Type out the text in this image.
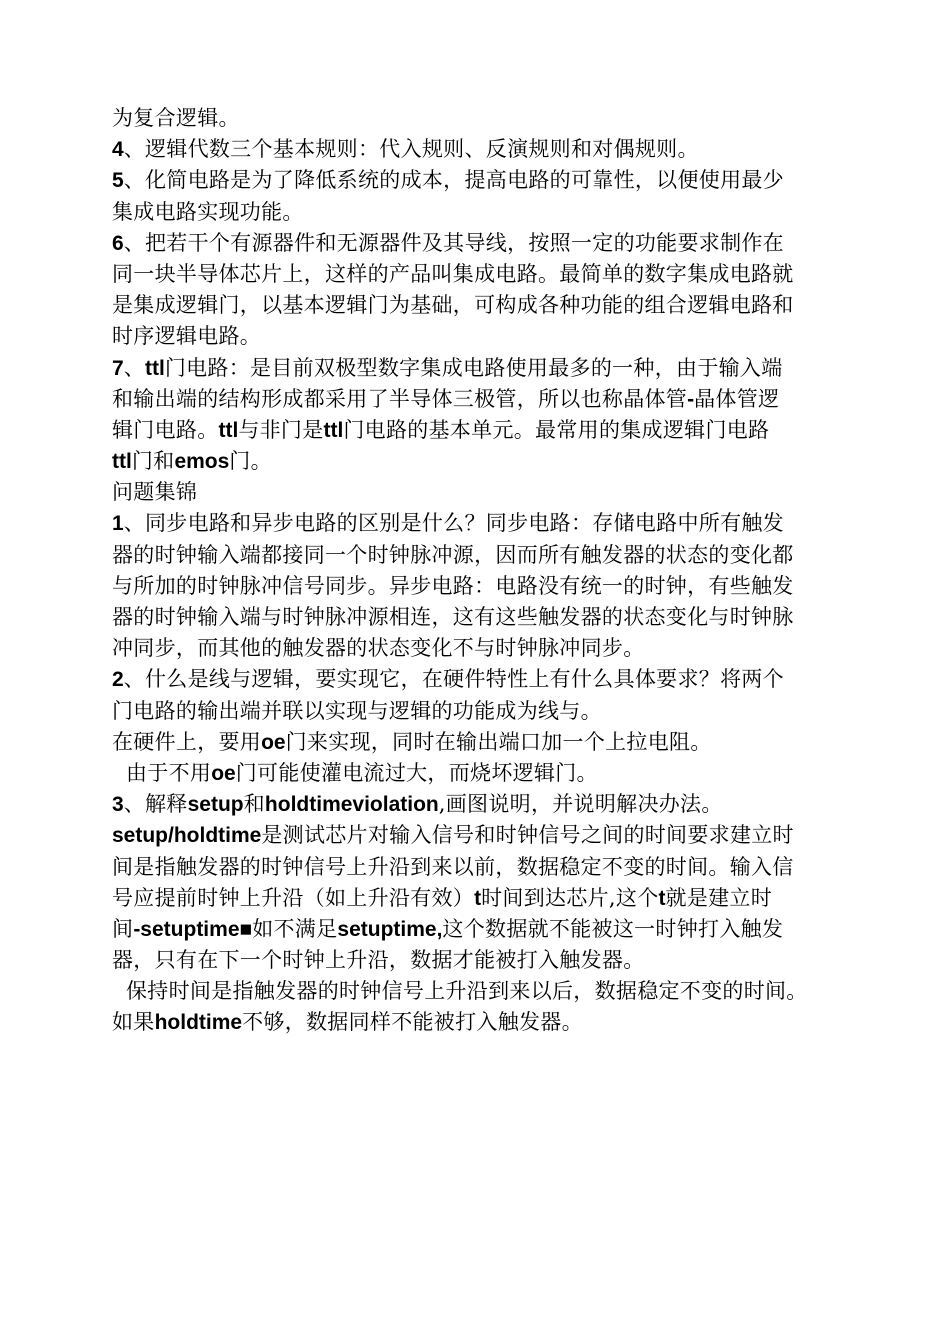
为复合逻辑。
4、逻辑代数三个基本规则：代入规则、反演规则和对偶规则。
5、化简电路是为了降低系统的成本，提高电路的可靠性，以便使用最少
集成电路实现功能。
6、把若干个有源器件和无源器件及其导线，按照一定的功能要求制作在
同一块半导体芯片上，这样的产品叫集成电路。最简单的数字集成电路就
是集成逻辑门，以基本逻辑门为基础，可构成各种功能的组合逻辑电路和
时序逻辑电路。
7、ttl门电路：是目前双极型数字集成电路使用最多的一种，由于输入端
和输出端的结构形成都采用了半导体三极管，所以也称晶体管-晶体管逻
辑门电路。ttl与非门是ttl门电路的基本单元。最常用的集成逻辑门电路
ttl门和emos门。
问题集锦
1、同步电路和异步电路的区别是什么？同步电路：存储电路中所有触发
器的时钟输入端都接同一个时钟脉冲源，因而所有触发器的状态的变化都
与所加的时钟脉冲信号同步。异步电路：电路没有统一的时钟，有些触发
器的时钟输入端与时钟脉冲源相连，这有这些触发器的状态变化与时钟脉
冲同步，而其他的触发器的状态变化不与时钟脉冲同步。
2、什么是线与逻辑，要实现它，在硬件特性上有什么具体要求？将两个
门电路的输出端并联以实现与逻辑的功能成为线与。
在硬件上，要用oe门来实现，同时在输出端口加一个上拉电阻。
由于不用oe门可能使灌电流过大，而烧坏逻辑门。
3、解释setup和holdtimeviolation,画图说明，并说明解决办法。
setup/holdtime是测试芯片对输入信号和时钟信号之间的时间要求建立时
间是指触发器的时钟信号上升沿到来以前，数据稳定不变的时间。输入信
号应提前时钟上升沿（如上升沿有效）t时间到达芯片,这个t就是建立时
间-setuptime■如不满足setuptime,这个数据就不能被这一时钟打入触发
器，只有在下一个时钟上升沿，数据才能被打入触发器。
保持时间是指触发器的时钟信号上升沿到来以后，数据稳定不变的时间。
如果holdtime不够，数据同样不能被打入触发器。
